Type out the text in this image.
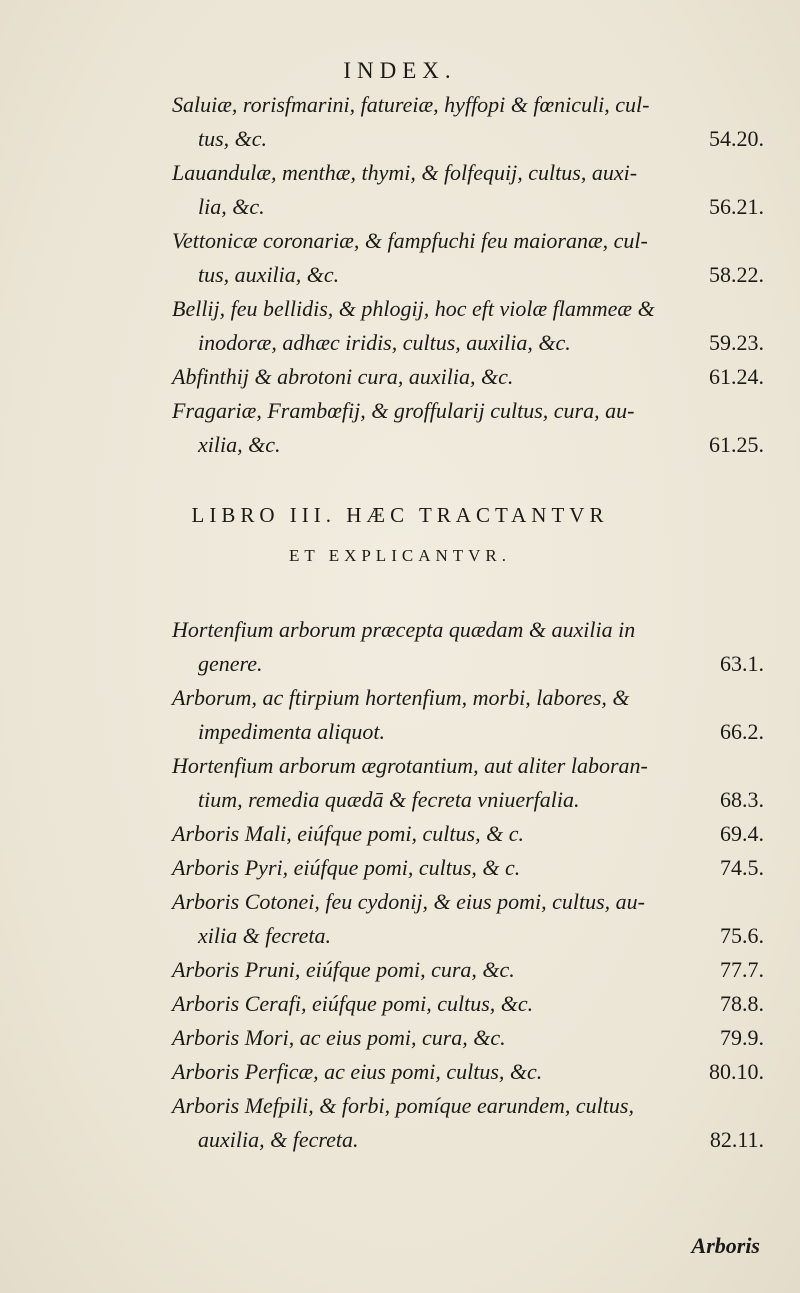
INDEX.
Saluiæ, rorisfmarini, fatureiæ, hyffopi & fœniculi, cul-
tus, &c.	54.20.
Lauandulæ, menthæ, thymi, & folfequij, cultus, auxi-
lia, &c.	56.21.
Vettonicæ coronariæ, & fampfuchi feu maioranæ, cul-
tus, auxilia, &c.	58.22.
Bellij, feu bellidis, & phlogij, hoc eft violæ flammeæ &
inodoræ, adhæc iridis, cultus, auxilia, &c.	59.23.
Abfinthij & abrotoni cura, auxilia, &c.	61.24.
Fragariæ, Frambœfij, & groffularij cultus, cura, au-
xilia, &c.	61.25.
LIBRO III. HÆC TRACTANTVR
ET EXPLICANTVR.
Hortenfium arborum præcepta quædam & auxilia in
genere.	63.1.
Arborum, ac ftirpium hortenfium, morbi, labores, &
impedimenta aliquot.	66.2.
Hortenfium arborum ægrotantium, aut aliter laboran-
tium, remedia quædā & fecreta vniuerfalia.	68.3.
Arboris Mali, eiúfque pomi, cultus, & c.	69.4.
Arboris Pyri, eiúfque pomi, cultus, & c.	74.5.
Arboris Cotonei, feu cydonij, & eius pomi, cultus, au-
xilia & fecreta.	75.6.
Arboris Pruni, eiúfque pomi, cura, &c.	77.7.
Arboris Cerafi, eiúfque pomi, cultus, &c.	78.8.
Arboris Mori, ac eius pomi, cura, &c.	79.9.
Arboris Perficæ, ac eius pomi, cultus, &c.	80.10.
Arboris Mefpili, & forbi, pomíque earundem, cultus,
auxilia, & fecreta.	82.11.
Arboris
